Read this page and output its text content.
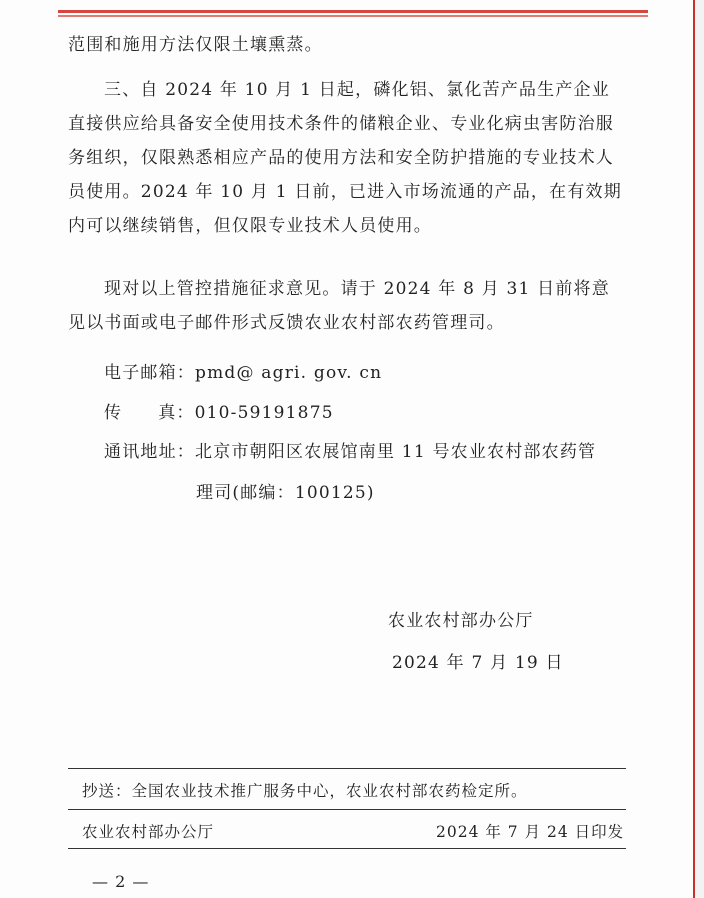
范围和施用方法仅限土壤熏蒸。

三、自 2024 年 10 月 1 日起，磷化铝、氯化苦产品生产企业直接供应给具备安全使用技术条件的储粮企业、专业化病虫害防治服务组织，仅限熟悉相应产品的使用方法和安全防护措施的专业技术人员使用。2024 年 10 月 1 日前，已进入市场流通的产品，在有效期内可以继续销售，但仅限专业技术人员使用。

现对以上管控措施征求意见。请于 2024 年 8 月 31 日前将意见以书面或电子邮件形式反馈农业农村部农药管理司。

电子邮箱：pmd@ agri. gov. cn
传 真：010-59191875
通讯地址：北京市朝阳区农展馆南里 11 号农业农村部农药管
理司(邮编：100125)
农业农村部办公厅
2024 年 7 月 19 日
抄送：全国农业技术推广服务中心，农业农村部农药检定所。
农业农村部办公厅	2024 年 7 月 24 日印发
— 2 —
